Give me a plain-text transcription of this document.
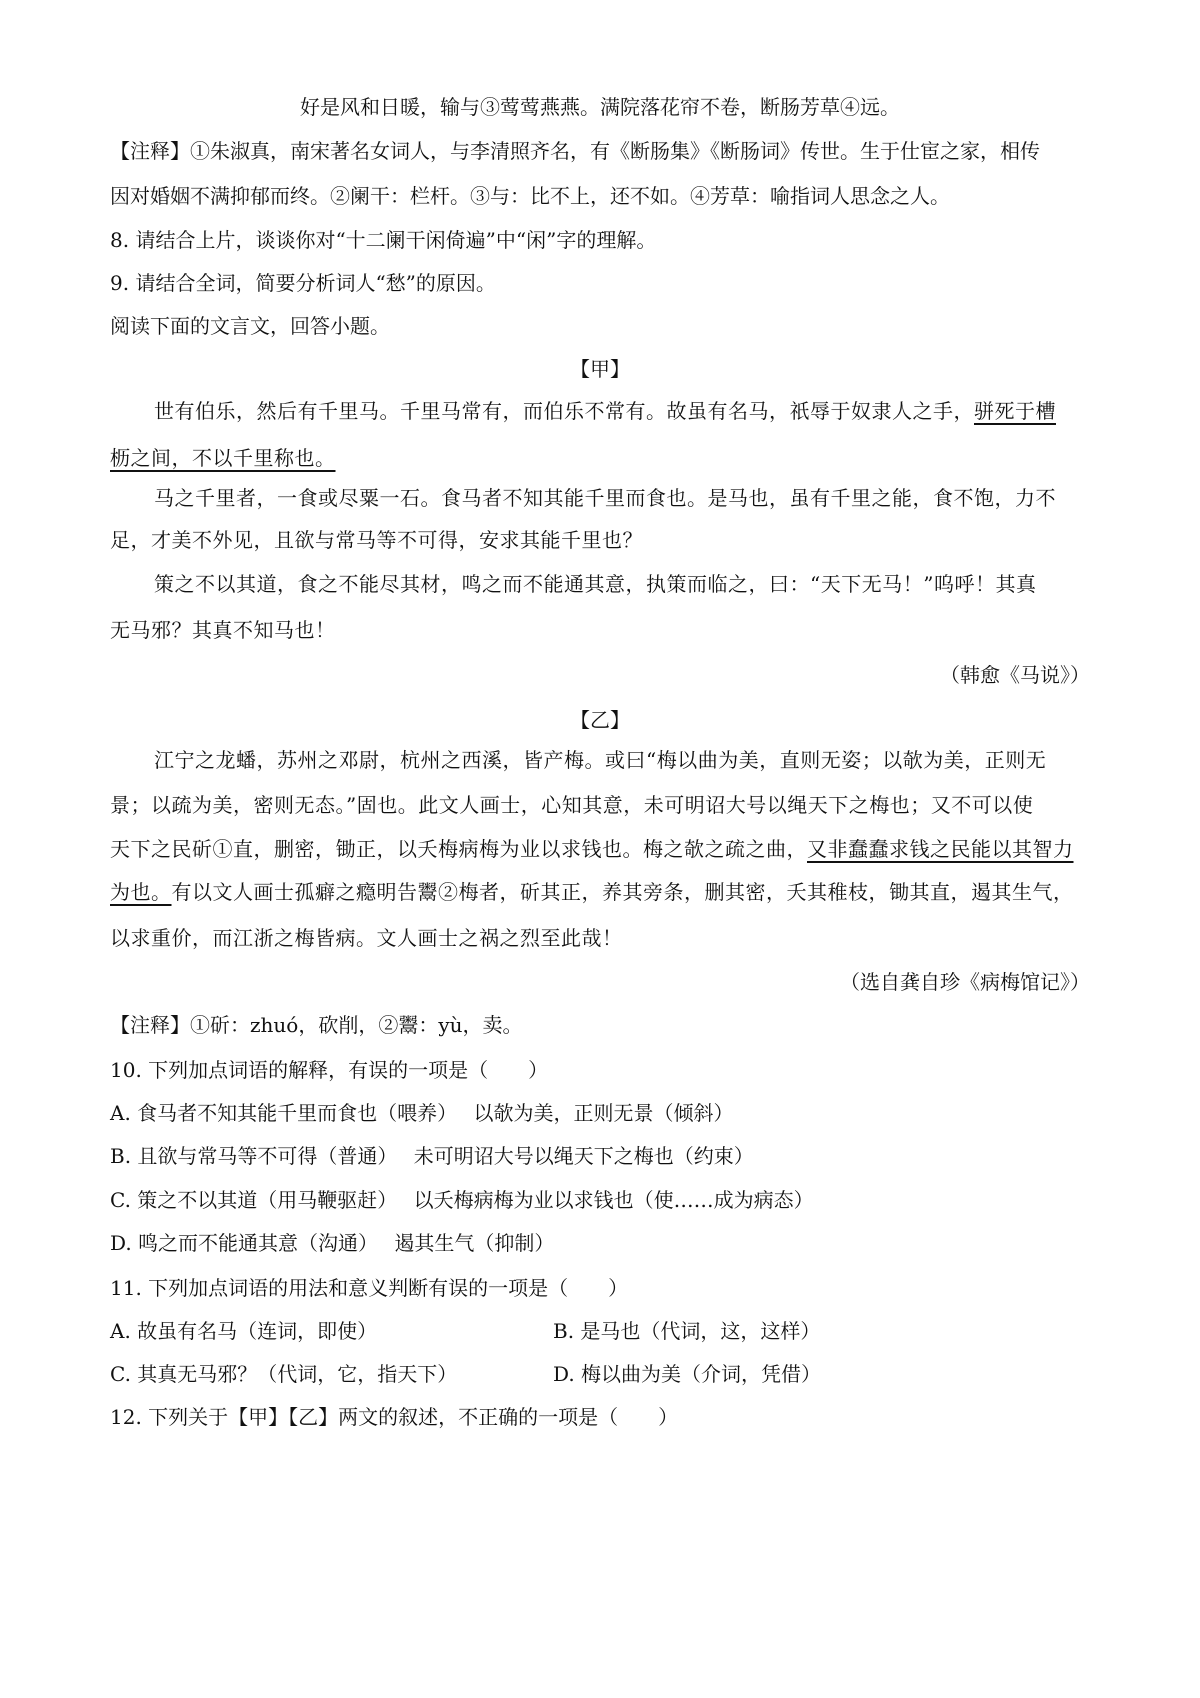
好是风和日暖，输与③莺莺燕燕。满院落花帘不卷，断肠芳草④远。
【注释】①朱淑真，南宋著名女词人，与李清照齐名，有《断肠集》《断肠词》传世。生于仕宦之家，相传
因对婚姻不满抑郁而终。②阑干：栏杆。③与：比不上，还不如。④芳草：喻指词人思念之人。
8. 请结合上片，谈谈你对“十二阑干闲倚遍”中“闲”字的理解。
9. 请结合全词，简要分析词人“愁”的原因。
阅读下面的文言文，回答小题。
【甲】
世有伯乐，然后有千里马。千里马常有，而伯乐不常有。故虽有名马，祇辱于奴隶人之手，骈死于槽
枥之间，不以千里称也。
马之千里者，一食或尽粟一石。食马者不知其能千里而食也。是马也，虽有千里之能，食不饱，力不
足，才美不外见，且欲与常马等不可得，安求其能千里也？
策之不以其道，食之不能尽其材，鸣之而不能通其意，执策而临之，曰：“天下无马！”呜呼！其真
无马邪？其真不知马也！
（韩愈《马说》）
【乙】
江宁之龙蟠，苏州之邓尉，杭州之西溪，皆产梅。或曰“梅以曲为美，直则无姿；以欹为美，正则无
景；以疏为美，密则无态。”固也。此文人画士，心知其意，未可明诏大号以绳天下之梅也；又不可以使
天下之民斫①直，删密，锄正，以夭梅病梅为业以求钱也。梅之欹之疏之曲，又非蠢蠢求钱之民能以其智力
为也。有以文人画士孤癖之瘾明告鬻②梅者，斫其正，养其旁条，删其密，夭其稚枝，锄其直，遏其生气，
以求重价，而江浙之梅皆病。文人画士之祸之烈至此哉！
（选自龚自珍《病梅馆记》）
【注释】①斫：zhuó，砍削，②鬻：yù，卖。
10. 下列加点词语的解释，有误的一项是（　　）
A. 食马者不知其能千里而食也（喂养）　 以欹为美，正则无景（倾斜）
B. 且欲与常马等不可得（普通）　 未可明诏大号以绳天下之梅也（约束）
C. 策之不以其道（用马鞭驱赶）　 以夭梅病梅为业以求钱也（使……成为病态）
D. 鸣之而不能通其意（沟通）　 遏其生气（抑制）
11. 下列加点词语的用法和意义判断有误的一项是（　　）
A. 故虽有名马（连词，即使）	B. 是马也（代词，这，这样）
C. 其真无马邪？（代词，它，指天下）	D. 梅以曲为美（介词，凭借）
12. 下列关于【甲】【乙】两文的叙述，不正确的一项是（　　）
